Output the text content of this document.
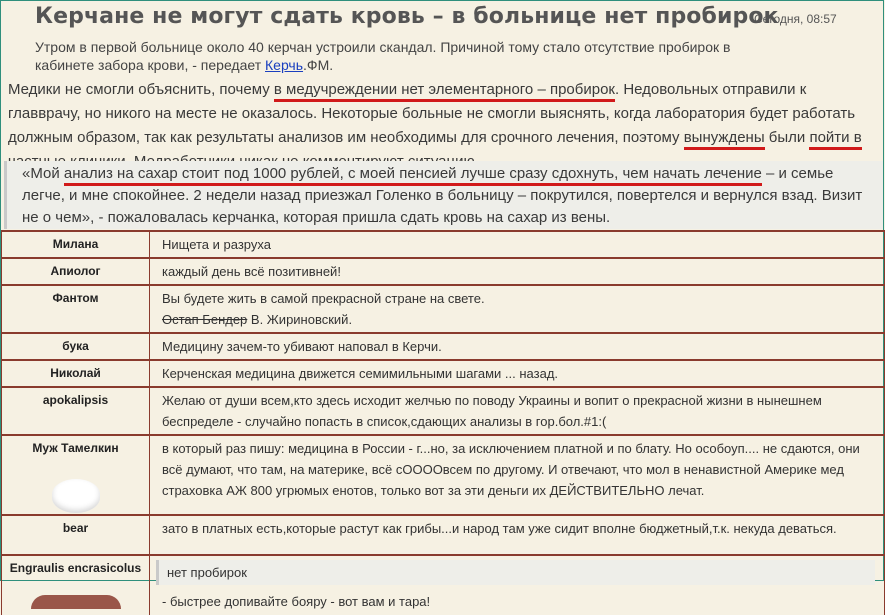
Керчане не могут сдать кровь – в больнице нет пробирок
Сегодня, 08:57
Утром в первой больнице около 40 керчан устроили скандал. Причиной тому стало отсутствие пробирок в кабинете забора крови, - передает Керчь.ФМ.
Медики не смогли объяснить, почему в медучреждении нет элементарного – пробирок. Недовольных отправили к главврачу, но никого на месте не оказалось. Некоторые больные не смогли выяснять, когда лаборатория будет работать должным образом, так как результаты анализов им необходимы для срочного лечения, поэтому вынуждены были пойти в
«Мой анализ на сахар стоит под 1000 рублей, с моей пенсией лучше сразу сдохнуть, чем начать лечение – и семье легче, и мне спокойнее. 2 недели назад приезжал Голенко в больницу – покрутился, повертелся и вернулся взад. Визит не о чем», - пожаловалась керчанка, которая пришла сдать кровь на сахар из вены.
Милана	Нищета и разруха
Апиолог	каждый день всё позитивней!
Фантом	Вы будете жить в самой прекрасной стране на свете.
Остап Бендер В. Жириновский.
бука	Медицину зачем-то убивают наповал в Керчи.
Николай	Керченская медицина движется семимильными шагами ... назад.
apokalipsis	Желаю от души всем,кто здесь исходит желчью по поводу Украины и вопит о прекрасной жизни в нынешнем беспределе - случайно попасть в список,сдающих анализы в гор.бол.#1:(
Муж Тамелкин	в который раз пишу: медицина в России - г...но, за исключением платной и по блату. Но особоуп.... не сдаются, они всё думают, что там, на материке, всё сООООвсем по другому. И отвечают, что мол в ненавистной Америке мед страховка АЖ 800 угрюмых енотов, только вот за эти деньги их ДЕЙСТВИТЕЛЬНО лечат.
bear	зато в платных есть,которые растут как грибы...и народ там уже сидит вполне бюджетный,т.к. некуда деваться.
Engraulis encrasicolus	нет пробирок
- быстрее допивайте бояру - вот вам и тара!
